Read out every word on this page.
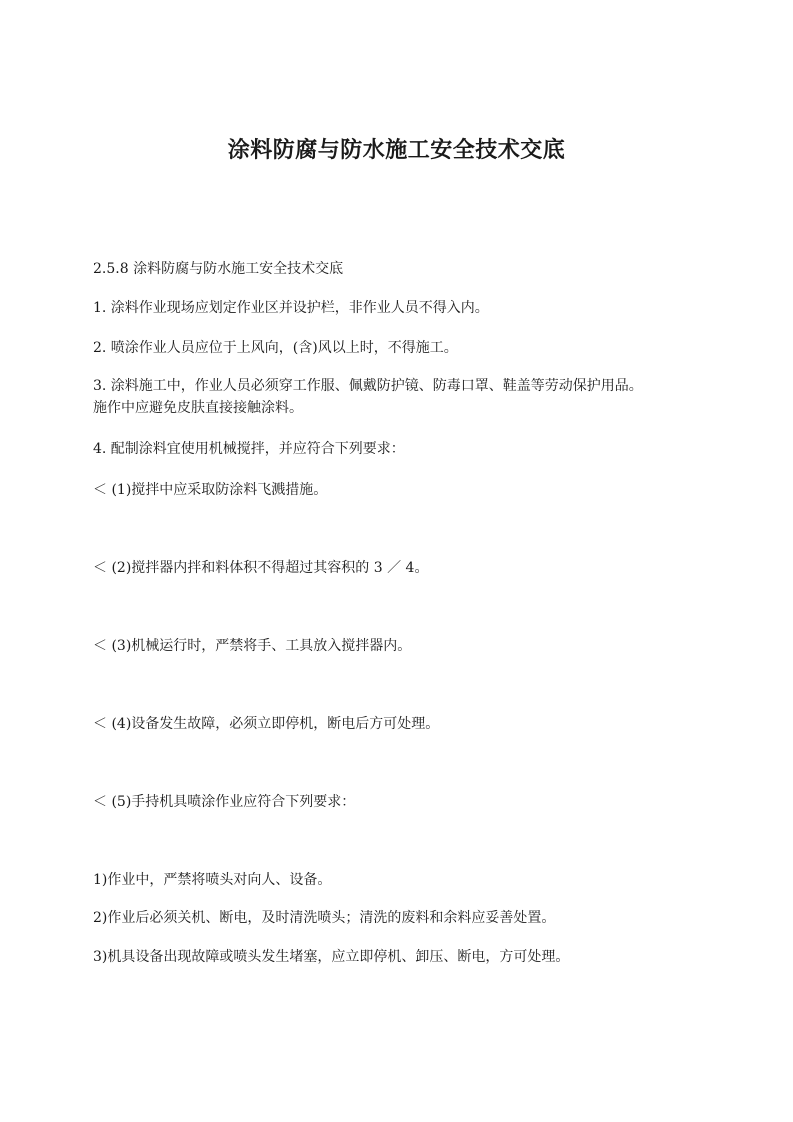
涂料防腐与防水施工安全技术交底

2.5.8 涂料防腐与防水施工安全技术交底

1. 涂料作业现场应划定作业区并设护栏，非作业人员不得入内。

2. 喷涂作业人员应位于上风向，(含)风以上时，不得施工。

3. 涂料施工中，作业人员必须穿工作服、佩戴防护镜、防毒口罩、鞋盖等劳动保护用品。
施作中应避免皮肤直接接触涂料。

4. 配制涂料宜使用机械搅拌，并应符合下列要求：

＜ (1)搅拌中应采取防涂料飞溅措施。

＜ (2)搅拌器内拌和料体积不得超过其容积的 3 ／ 4。

＜ (3)机械运行时，严禁将手、工具放入搅拌器内。

＜ (4)设备发生故障，必须立即停机，断电后方可处理。

＜ (5)手持机具喷涂作业应符合下列要求：

1)作业中，严禁将喷头对向人、设备。

2)作业后必须关机、断电，及时清洗喷头；清洗的废料和余料应妥善处置。

3)机具设备出现故障或喷头发生堵塞，应立即停机、卸压、断电，方可处理。
